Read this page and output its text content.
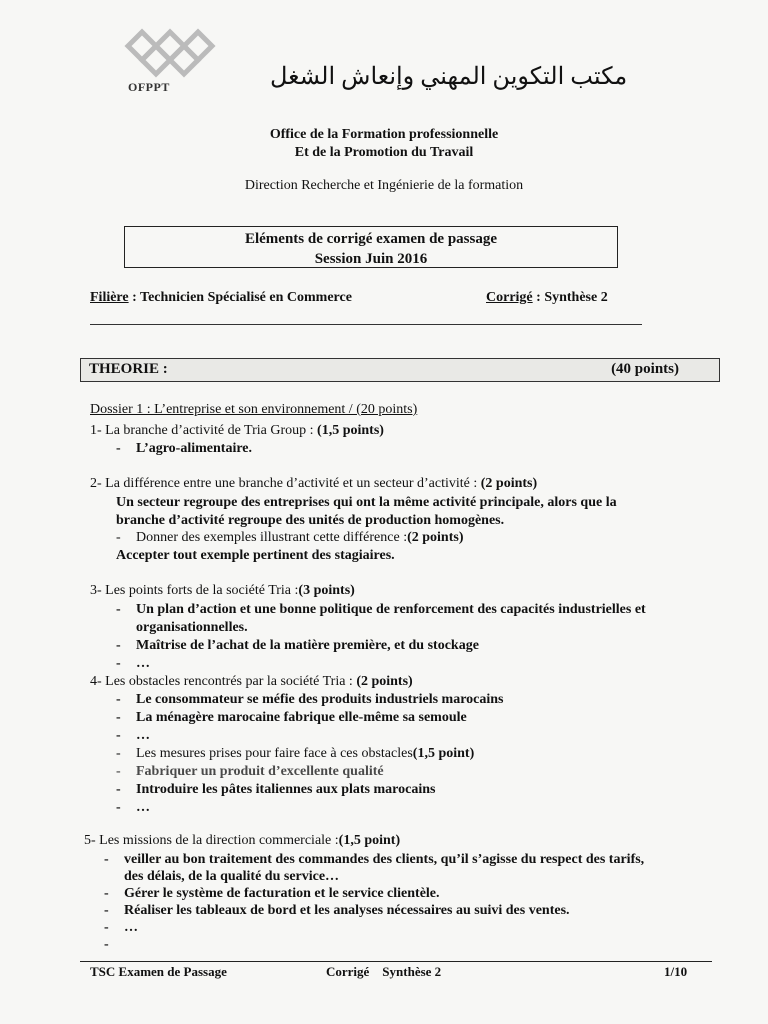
OFPPT	مكتب التكوين المهني وإنعاش الشغل
Office de la Formation professionnelle
Et de la Promotion du Travail
Direction Recherche et Ingénierie de la formation
Eléments de corrigé examen de passage
Session Juin 2016
Filière : Technicien Spécialisé en Commerce	Corrigé : Synthèse 2
THEORIE :	(40 points)
Dossier 1 : L’entreprise et son environnement / (20 points)
1- La branche d’activité de Tria Group : (1,5 points)
- L’agro-alimentaire.
2- La différence entre une branche d’activité et un secteur d’activité : (2 points)
Un secteur regroupe des entreprises qui ont la même activité principale, alors que la
branche d’activité regroupe des unités de production homogènes.
- Donner des exemples illustrant cette différence :(2 points)
Accepter tout exemple pertinent des stagiaires.
3- Les points forts de la société Tria :(3 points)
- Un plan d’action et une bonne politique de renforcement des capacités industrielles et
organisationnelles.
- Maîtrise de l’achat de la matière première, et du stockage
- …
4- Les obstacles rencontrés par la société Tria : (2 points)
- Le consommateur se méfie des produits industriels marocains
- La ménagère marocaine fabrique elle-même sa semoule
- …
- Les mesures prises pour faire face à ces obstacles(1,5 point)
- Fabriquer un produit d’excellente qualité
- Introduire les pâtes italiennes aux plats marocains
- …
5- Les missions de la direction commerciale :(1,5 point)
- veiller au bon traitement des commandes des clients, qu’il s’agisse du respect des tarifs,
des délais, de la qualité du service…
- Gérer le système de facturation et le service clientèle.
- Réaliser les tableaux de bord et les analyses nécessaires au suivi des ventes.
- …
-
TSC Examen de Passage	Corrigé    Synthèse 2	1/10
